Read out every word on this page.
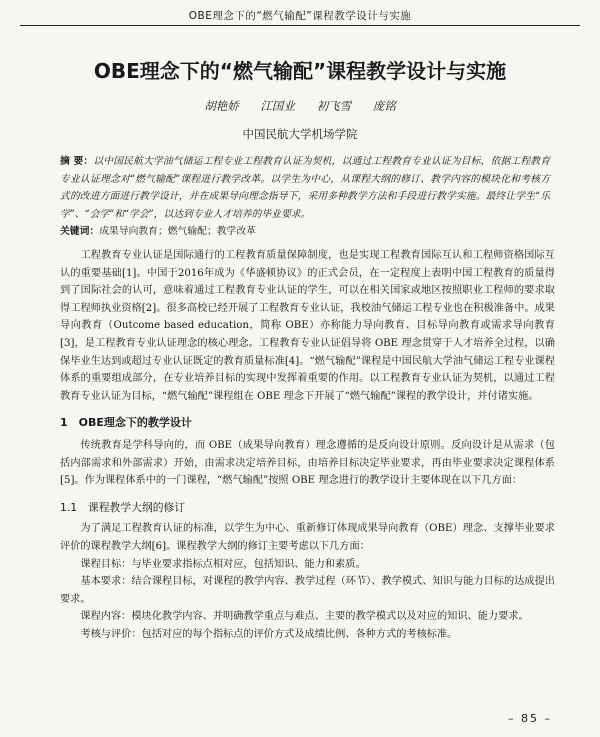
OBE理念下的“燃气输配”课程教学设计与实施
OBE理念下的“燃气输配”课程教学设计与实施
胡艳娇 江国业 初飞雪 庞铭
中国民航大学机场学院
摘 要：以中国民航大学油气储运工程专业工程教育认证为契机，以通过工程教育专业认证为目标，依据工程教育专业认证理念对“燃气输配”课程进行教学改革。以学生为中心，从课程大纲的修订、教学内容的模块化和考核方式的改进方面进行教学设计，并在成果导向理念指导下，采用多种教学方法和手段进行教学实施。最终让学生“乐学”、“会学”和“学会”，以达到专业人才培养的毕业要求。
关键词：成果导向教育；燃气输配；教学改革

工程教育专业认证是国际通行的工程教育质量保障制度，也是实现工程教育国际互认和工程师资格国际互认的重要基础[1]。中国于2016年成为《华盛顿协议》的正式会员，在一定程度上表明中国工程教育的质量得到了国际社会的认可，意味着通过工程教育专业认证的学生，可以在相关国家或地区按照职业工程师的要求取得工程师执业资格[2]。很多高校已经开展了工程教育专业认证，我校油气储运工程专业也在积极准备中。成果导向教育（Outcome based education，简称 OBE）亦称能力导向教育、目标导向教育或需求导向教育[3]，是工程教育专业认证理念的核心理念。工程教育专业认证倡导将 OBE 理念贯穿于人才培养全过程，以确保毕业生达到或超过专业认证既定的教育质量标准[4]。“燃气输配”课程是中国民航大学油气储运工程专业课程体系的重要组成部分，在专业培养目标的实现中发挥着重要的作用。以工程教育专业认证为契机，以通过工程教育专业认证为目标，“燃气输配”课程组在 OBE 理念下开展了“燃气输配”课程的教学设计，并付诸实施。

1　OBE理念下的教学设计

传统教育是学科导向的，而 OBE（成果导向教育）理念遵循的是反向设计原则。反向设计是从需求（包括内部需求和外部需求）开始，由需求决定培养目标，由培养目标决定毕业要求，再由毕业要求决定课程体系[5]。作为课程体系中的一门课程，“燃气输配”按照 OBE 理念进行的教学设计主要体现在以下几方面：

1.1　课程教学大纲的修订

为了满足工程教育认证的标准，以学生为中心、重新修订体现成果导向教育（OBE）理念、支撑毕业要求评价的课程教学大纲[6]。课程教学大纲的修订主要考虑以下几方面：

课程目标：与毕业要求指标点相对应，包括知识、能力和素质。

基本要求：结合课程目标，对课程的教学内容、教学过程（环节）、教学模式、知识与能力目标的达成提出要求。

课程内容：模块化教学内容、并明确教学重点与难点、主要的教学模式以及对应的知识、能力要求。

考核与评价：包括对应的每个指标点的评价方式及成绩比例、各种方式的考核标准。

– 85 –
